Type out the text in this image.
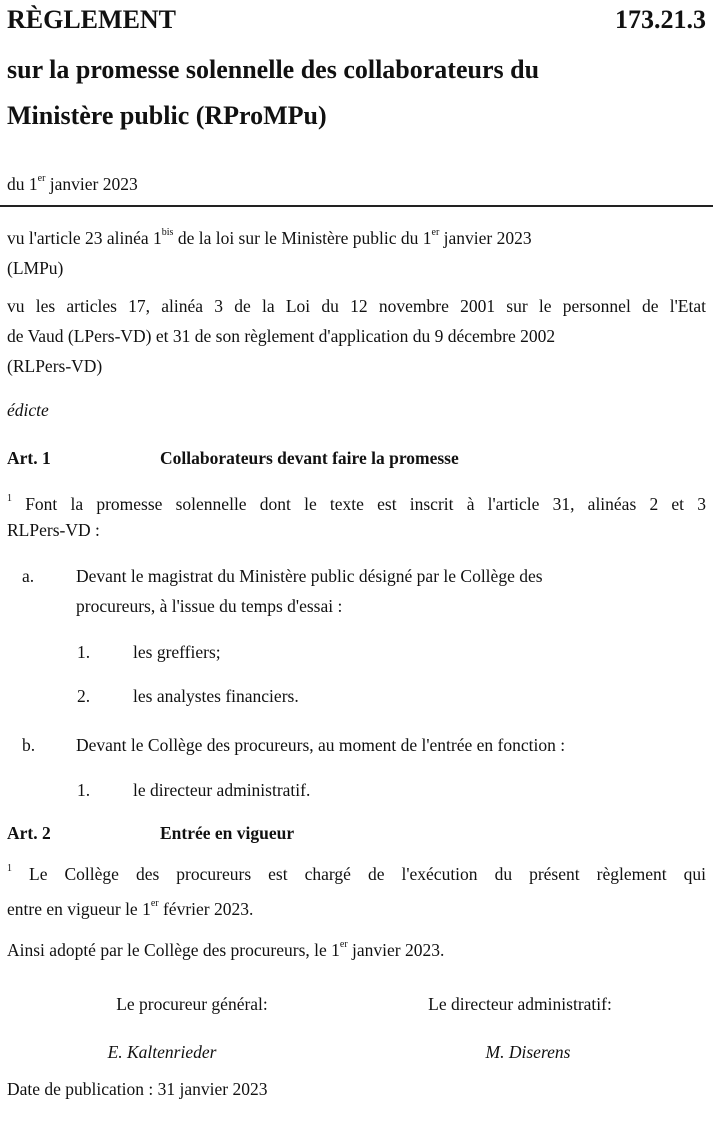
RÈGLEMENT	173.21.3
sur la promesse solennelle des collaborateurs du
Ministère public (RProMPu)
du 1er janvier 2023
vu l'article 23 alinéa $1^{bis}$ de la loi sur le Ministère public du 1er janvier 2023
(LMPu)
vu les articles 17, alinéa 3 de la Loi du 12 novembre 2001 sur le personnel de l'Etat
de Vaud (LPers-VD) et 31 de son règlement d'application du 9 décembre 2002
(RLPers-VD)
édicte
Art. 1	Collaborateurs devant faire la promesse
$^1$ Font la promesse solennelle dont le texte est inscrit à l'article 31, alinéas 2 et 3
RLPers-VD :
a. Devant le magistrat du Ministère public désigné par le Collège des
procureurs, à l'issue du temps d'essai :
1. les greffiers;
2. les analystes financiers.
b. Devant le Collège des procureurs, au moment de l'entrée en fonction :
1. le directeur administratif.
Art. 2	Entrée en vigueur
$^1$ Le Collège des procureurs est chargé de l'exécution du présent règlement qui
entre en vigueur le 1er février 2023.
Ainsi adopté par le Collège des procureurs, le 1er janvier 2023.
Le procureur général:	Le directeur administratif:
E. Kaltenrieder	M. Diserens
Date de publication : 31 janvier 2023
